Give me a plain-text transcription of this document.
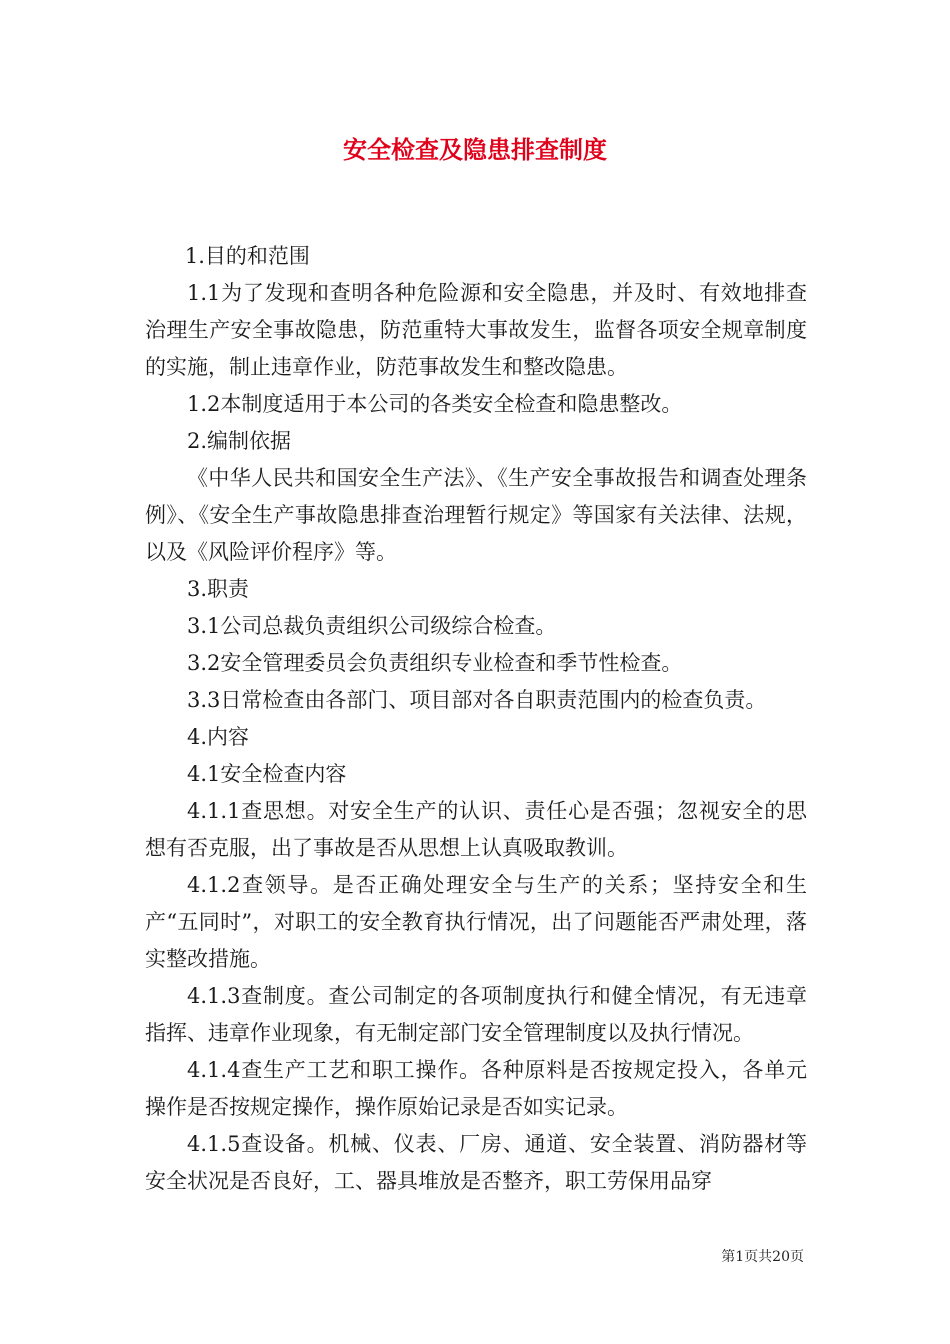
安全检查及隐患排查制度

1.目的和范围

1.1为了发现和查明各种危险源和安全隐患，并及时、有效地排查治理生产安全事故隐患，防范重特大事故发生，监督各项安全规章制度的实施，制止违章作业，防范事故发生和整改隐患。

1.2本制度适用于本公司的各类安全检查和隐患整改。

2.编制依据

《中华人民共和国安全生产法》、《生产安全事故报告和调查处理条例》、《安全生产事故隐患排查治理暂行规定》等国家有关法律、法规，以及《风险评价程序》等。

3.职责

3.1公司总裁负责组织公司级综合检查。

3.2安全管理委员会负责组织专业检查和季节性检查。

3.3日常检查由各部门、项目部对各自职责范围内的检查负责。

4.内容

4.1安全检查内容

4.1.1查思想。对安全生产的认识、责任心是否强；忽视安全的思想有否克服，出了事故是否从思想上认真吸取教训。

4.1.2查领导。是否正确处理安全与生产的关系；坚持安全和生产“五同时”，对职工的安全教育执行情况，出了问题能否严肃处理，落实整改措施。

4.1.3查制度。查公司制定的各项制度执行和健全情况，有无违章指挥、违章作业现象，有无制定部门安全管理制度以及执行情况。

4.1.4查生产工艺和职工操作。各种原料是否按规定投入，各单元操作是否按规定操作，操作原始记录是否如实记录。

4.1.5查设备。机械、仪表、厂房、通道、安全装置、消防器材等安全状况是否良好，工、器具堆放是否整齐，职工劳保用品穿

第1页共20页
